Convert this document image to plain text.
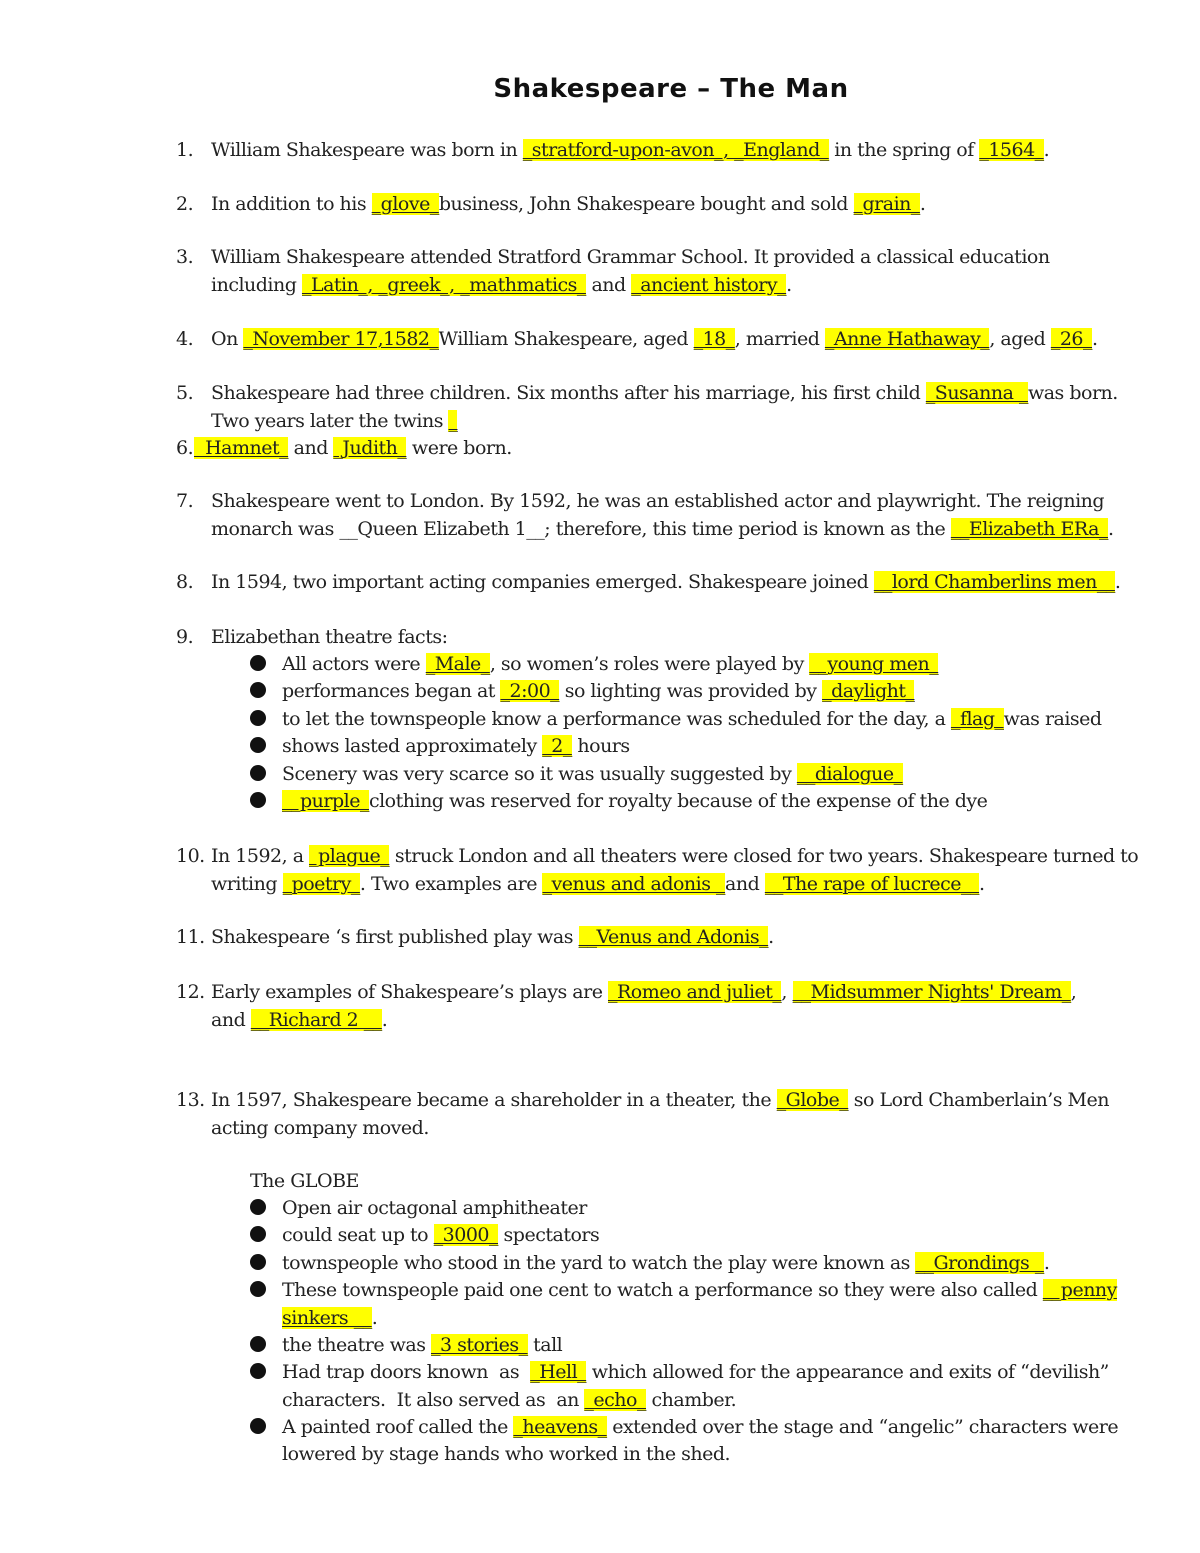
Shakespeare – The Man
1. William Shakespeare was born in _stratford-upon-avon_, _England_ in the spring of _1564_.
2. In addition to his _glove_business, John Shakespeare bought and sold _grain_.
3. William Shakespeare attended Stratford Grammar School. It provided a classical education
including _Latin_, _greek_, _mathmatics_ and _ancient history_.
4. On _November 17,1582_William Shakespeare, aged _18_, married _Anne Hathaway_, aged _26_.
5. Shakespeare had three children. Six months after his marriage, his first child _Susanna _was born.
Two years later the twins _
6. Hamnet_ and _Judith_ were born.
7. Shakespeare went to London. By 1592, he was an established actor and playwright. The reigning
monarch was __Queen Elizabeth 1__; therefore, this time period is known as the __Elizabeth ERa_.
8. In 1594, two important acting companies emerged. Shakespeare joined __lord Chamberlins men__.
9. Elizabethan theatre facts:
All actors were _Male_, so women’s roles were played by __young men_
performances began at _2:00_ so lighting was provided by _daylight_
to let the townspeople know a performance was scheduled for the day, a _flag_was raised
shows lasted approximately _2_ hours
Scenery was very scarce so it was usually suggested by __dialogue_
__purple_clothing was reserved for royalty because of the expense of the dye
10. In 1592, a _plague_ struck London and all theaters were closed for two years. Shakespeare turned to
writing _poetry_. Two examples are _venus and adonis _and __The rape of lucrece__.
11. Shakespeare ‘s first published play was __Venus and Adonis_.
12. Early examples of Shakespeare’s plays are _Romeo and juliet_, __Midsummer Nights' Dream_,
and __Richard 2 __.
13. In 1597, Shakespeare became a shareholder in a theater, the _Globe_ so Lord Chamberlain’s Men
acting company moved.
The GLOBE
Open air octagonal amphitheater
could seat up to _3000_ spectators
townspeople who stood in the yard to watch the play were known as __Grondings _.
These townspeople paid one cent to watch a performance so they were also called __penny
sinkers __.
the theatre was _3 stories_ tall
Had trap doors known  as  _Hell_ which allowed for the appearance and exits of “devilish”
characters.  It also served as  an _echo_ chamber.
A painted roof called the _heavens_ extended over the stage and “angelic” characters were
lowered by stage hands who worked in the shed.
